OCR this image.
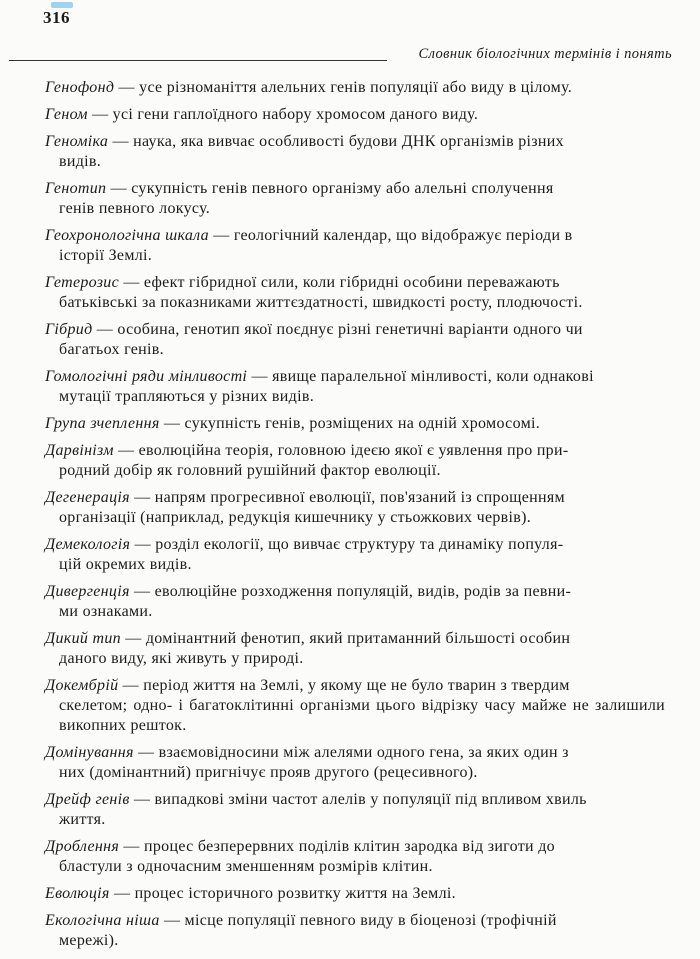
316
Словник біологічних термінів і понять
Генофонд — усе різноманіття алельних генів популяції або виду в цілому.
Геном — усі гени гаплоїдного набору хромосом даного виду.
Геноміка — наука, яка вивчає особливості будови ДНК організмів різних
видів.
Генотип — сукупність генів певного організму або алельні сполучення
генів певного локусу.
Геохронологічна шкала — геологічний календар, що відображує періоди в
історії Землі.
Гетерозис — ефект гібридної сили, коли гібридні особини переважають
батьківські за показниками життєздатності, швидкості росту, плодючості.
Гібрид — особина, генотип якої поєднує різні генетичні варіанти одного чи
багатьох генів.
Гомологічні ряди мінливості — явище паралельної мінливості, коли однакові
мутації трапляються у різних видів.
Група зчеплення — сукупність генів, розміщених на одній хромосомі.
Дарвінізм — еволюційна теорія, головною ідеєю якої є уявлення про при-
родний добір як головний рушійний фактор еволюції.
Дегенерація — напрям прогресивної еволюції, пов'язаний із спрощенням
організації (наприклад, редукція кишечнику у стьожкових червів).
Демекологія — розділ екології, що вивчає структуру та динаміку популя-
цій окремих видів.
Дивергенція — еволюційне розходження популяцій, видів, родів за певни-
ми ознаками.
Дикий тип — домінантний фенотип, який притаманний більшості особин
даного виду, які живуть у природі.
Докембрій — період життя на Землі, у якому ще не було тварин з твердим
скелетом; одно- і багатоклітинні організми цього відрізку часу майже не залишили викопних решток.
Домінування — взаємовідносини між алелями одного гена, за яких один з
них (домінантний) пригнічує прояв другого (рецесивного).
Дрейф генів — випадкові зміни частот алелів у популяції під впливом хвиль
життя.
Дроблення — процес безперервних поділів клітин зародка від зиготи до
бластули з одночасним зменшенням розмірів клітин.
Еволюція — процес історичного розвитку життя на Землі.
Екологічна ніша — місце популяції певного виду в біоценозі (трофічній
мережі).
